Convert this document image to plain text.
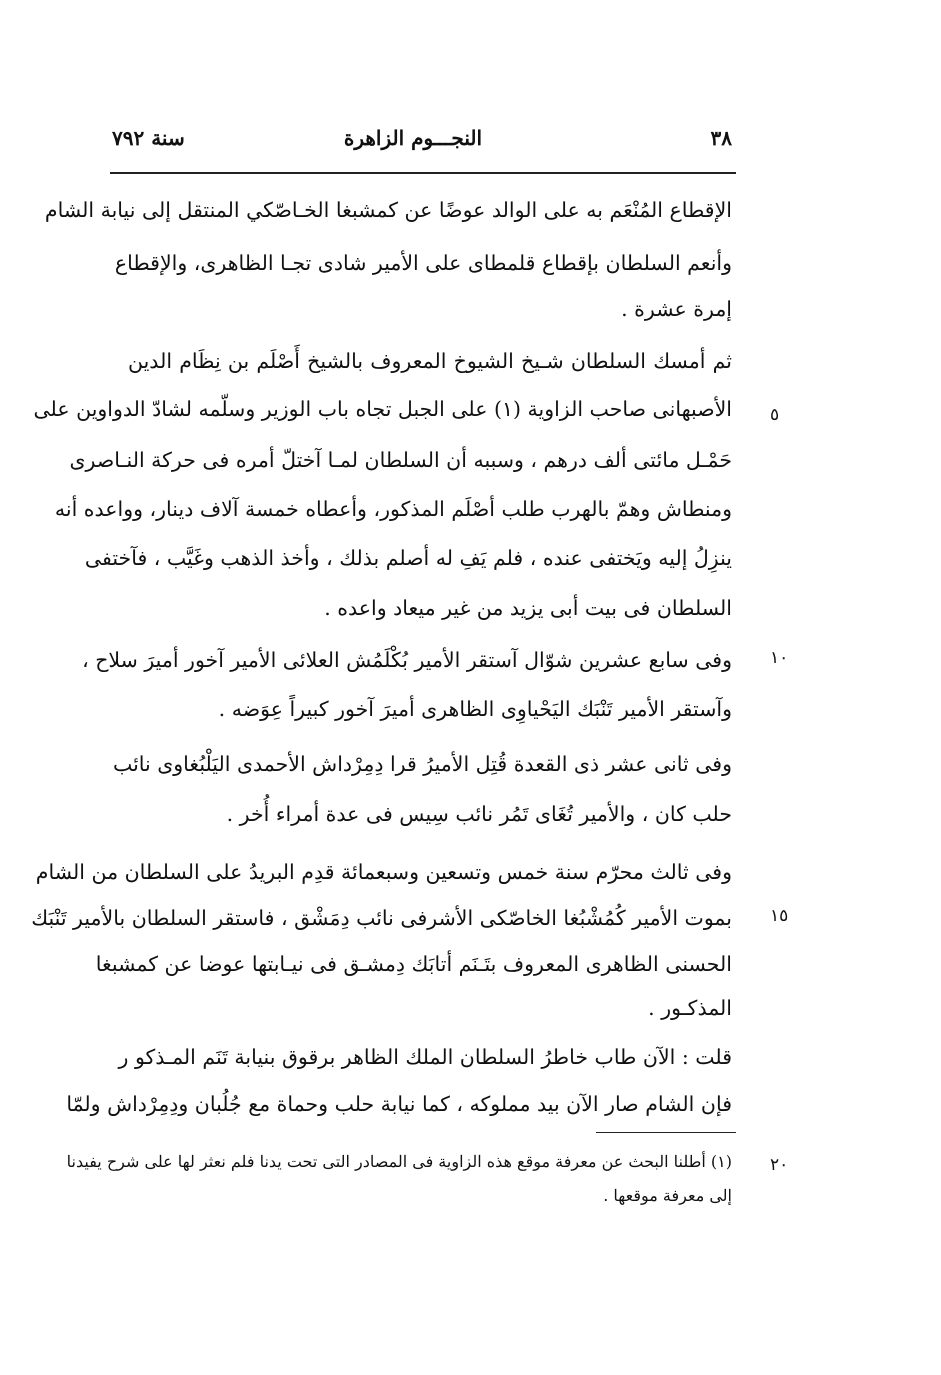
٣٨
النجـــوم الزاهرة
سنة ٧٩٢
الإقطاع المُنْعَم به على الوالد عوضًا عن كمشبغا الخـاصّكي المنتقل إلى نيابة الشام
وأنعم السلطان بإقطاع قلمطاى على الأمير شادى تجـا الظاهرى، والإقطاع
إمرة عشرة .
ثم أمسك السلطان شـيخ الشيوخ المعروف بالشيخ أَصْلَم بن نِظَام الدين
الأصبهانى صاحب الزاوية (١) على الجبل تجاه باب الوزير وسلّمه لشادّ الدواوين على
حَمْـل مائتى ألف درهم ، وسببه أن السلطان لمـا آختلّ أمره فى حركة النـاصرى
ومنطاش وهمّ بالهرب طلب أصْلَم المذكور، وأعطاه خمسة آلاف دينار، وواعده أنه
ينزِلُ إليه ويَختفى عنده ، فلم يَفِ له أصلم بذلك ، وأخذ الذهب وغَيَّب ، فآختفى
السلطان فى بيت أبى يزيد من غير ميعاد واعده .
وفى سابع عشرين شوّال آستقر الأمير بُكْلَمُش العلائى الأمير آخور أميرَ سلاح ،
وآستقر الأمير تَنْبَك اليَحْياوِى الظاهرى أميرَ آخور كبيراً عِوَضه .
وفى ثانى عشر ذى القعدة قُتِل الأميرُ قرا دِمِرْداش الأحمدى اليَلْبُغاوى نائب
حلب كان ، والأمير تُغَاى تَمُر نائب سِيس فى عدة أمراء أُخر .
وفى ثالث محرّم سنة خمس وتسعين وسبعمائة قدِم البريدُ على السلطان من الشام
بموت الأمير كُمُشْبُغا الخاصّكى الأشرفى نائب دِمَشْق ، فاستقر السلطان بالأمير تَنْبَك
الحسنى الظاهرى المعروف بتَـنَم أتابَك دِمشـق فى نيـابتها عوضا عن كمشبغا
المذكـور .
قلت : الآن طاب خاطرُ السلطان الملك الظاهر برقوق بنيابة تَنَم المـذكو ر
فإن الشام صار الآن بيد مملوكه ، كما نيابة حلب وحماة مع جُلُبان ودِمِرْداش ولمّا
٥
١٠
١٥
٢٠
(١) أطلنا البحث عن معرفة موقع هذه الزاوية فى المصادر التى تحت يدنا فلم نعثر لها على شرح يفيدنا
إلى معرفة موقعها .
